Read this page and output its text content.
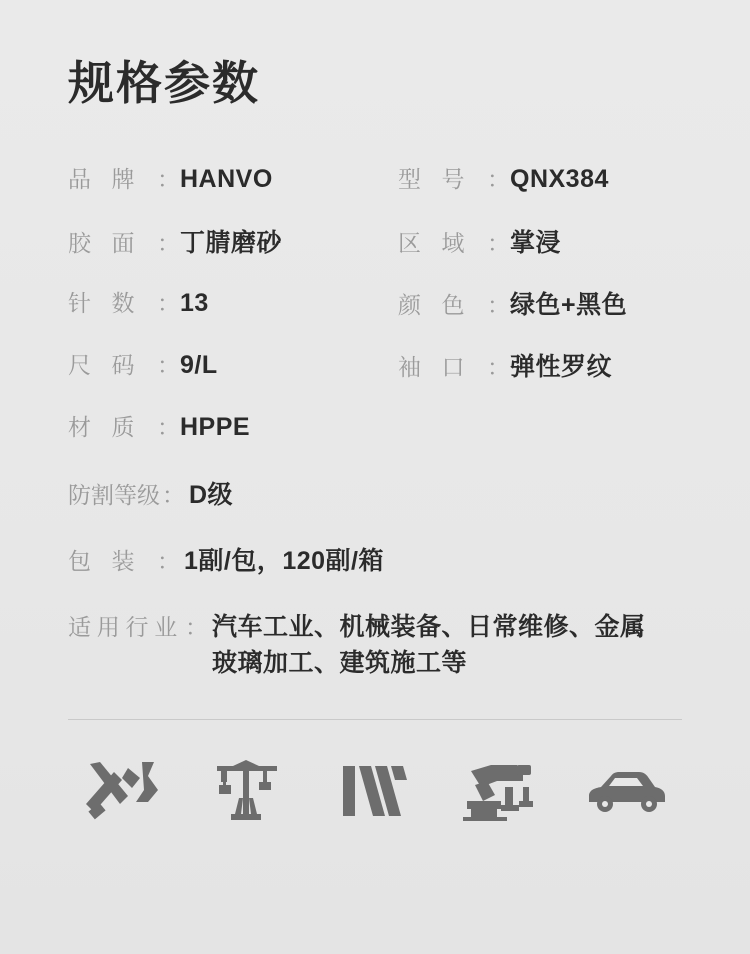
规格参数
品 牌 ： HANVO	型 号 ： QNX384
胶 面 ： 丁腈磨砂	区 域 ： 掌浸
针 数 ： 13	颜 色 ： 绿色+黑色
尺 码 ： 9/L	袖 口 ： 弹性罗纹
材 质 ： HPPE
防 割 等 级 ： D级
包 装 ： 1副/包，120副/箱
适 用 行 业 ： 汽车工业、机械装备、日常维修、金属玻璃加工、建筑施工等
